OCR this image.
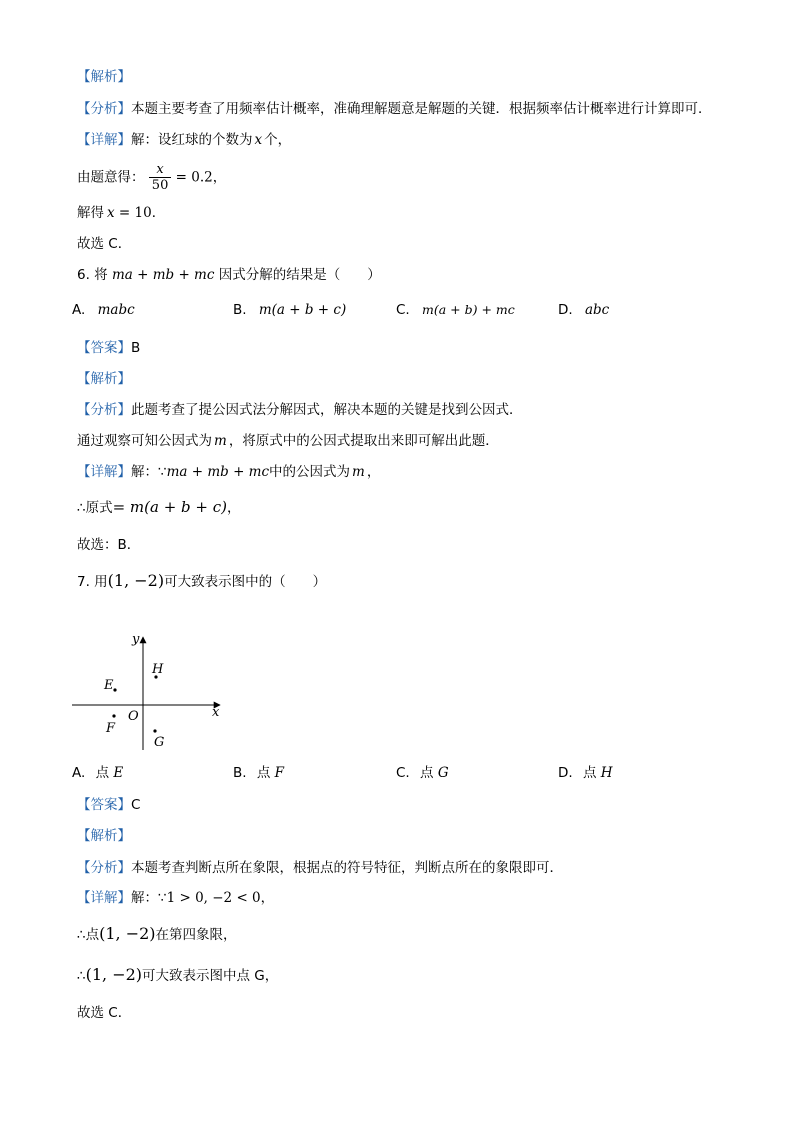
【解析】
【分析】本题主要考查了用频率估计概率，准确理解题意是解题的关键．根据频率估计概率进行计算即可．
【详解】解：设红球的个数为 x 个，
由题意得： $\frac{x}{50} = 0.2$，
解得 x = 10．
故选 C．
6. 将 ma + mb + mc 因式分解的结果是（　　）
A. mabc	B. m(a + b + c)	C. m(a + b) + mc	D. abc
【答案】B
【解析】
【分析】此题考查了提公因式法分解因式，解决本题的关键是找到公因式．
通过观察可知公因式为 m ，将原式中的公因式提取出来即可解出此题．
【详解】解：∵ma + mb + mc中的公因式为 m ，
∴原式= m(a + b + c)，
故选：B．
7. 用(1, −2)可大致表示图中的（　　）
x
y
O
E
F
G
H
A. 点 E	B. 点 F	C. 点 G	D. 点 H
【答案】C
【解析】
【分析】本题考查判断点所在象限，根据点的符号特征，判断点所在的象限即可．
【详解】解：∵1 > 0, −2 < 0，
∴点(1, −2)在第四象限，
∴(1, −2)可大致表示图中点 G，
故选 C．
